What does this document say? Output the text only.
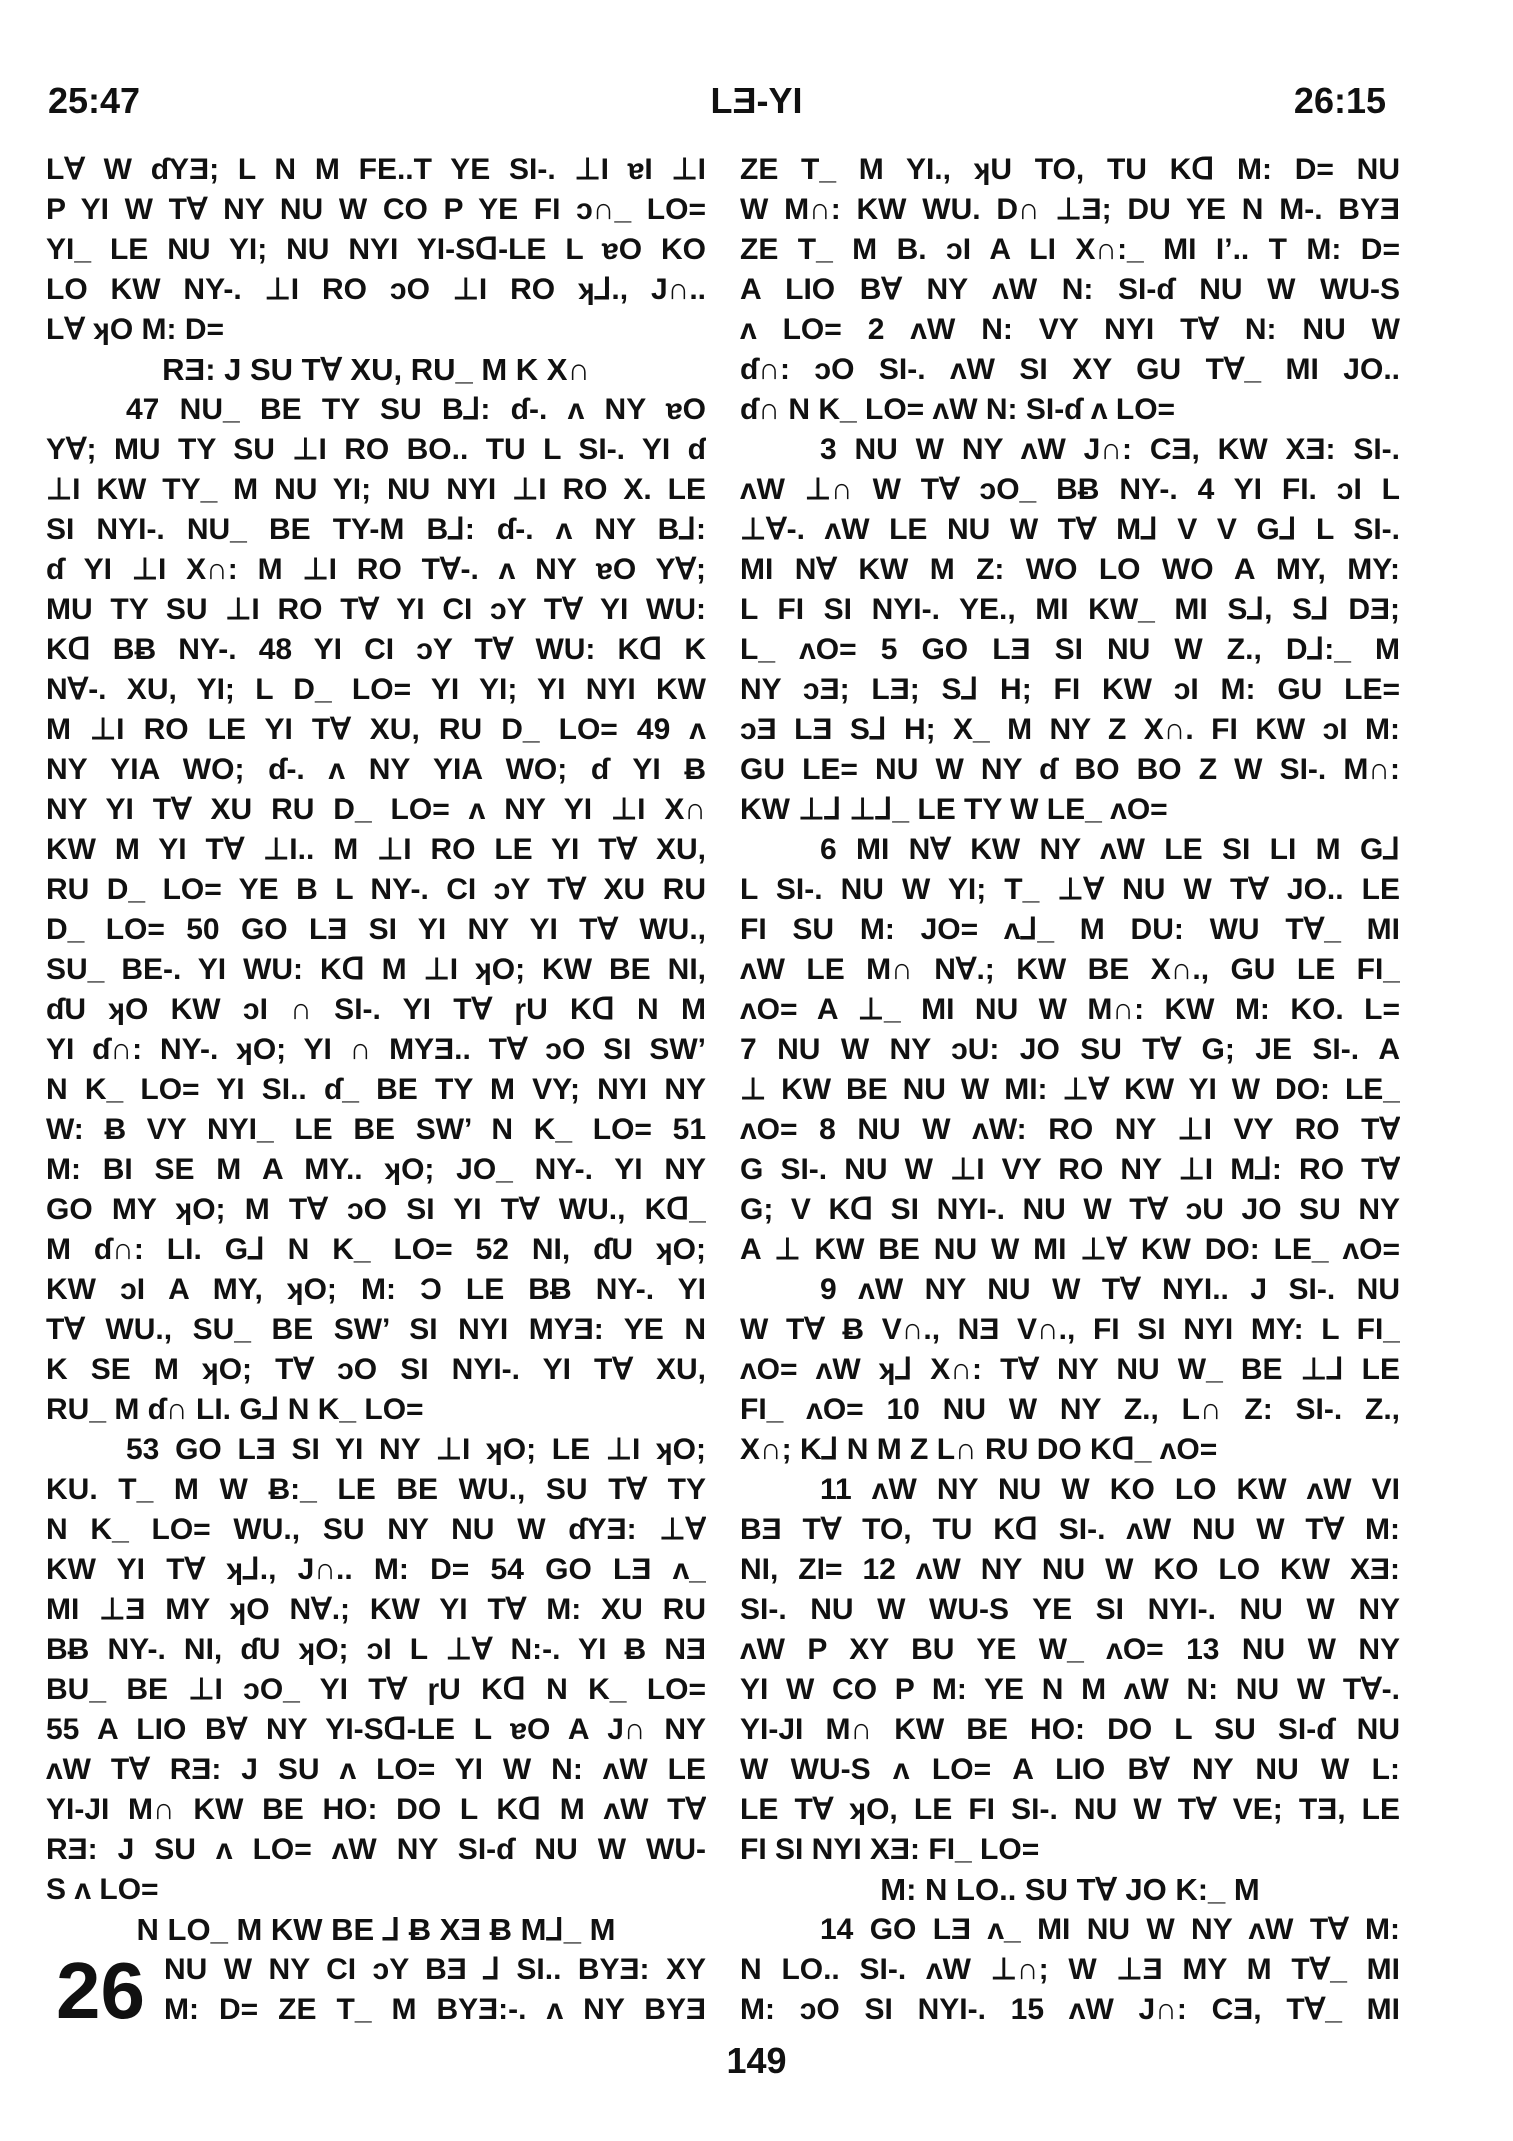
25:47	LƎ-YI	26:15
LⱯ W ɗYƎ; L N M FE..T YE SI-. ⊥I ɐI ⊥I
P YI W TⱯ NY NU W CO P YE FI ɔ∩_ LO=
YI_ LE NU YI; NU NYI YI-Sᗡ-LE L ɐO KO
LO KW NY-. ⊥I RO ɔO ⊥I RO ʞ⅃., J∩..
LⱯ ʞO M: D=
RƎ: J SU TⱯ XU, RU_ M K X∩
47 NU_ BE TY SU B⅃: ɗ-. ʌ NY ɐO
YⱯ; MU TY SU ⊥I RO BO.. TU L SI-. YI ɗ
⊥I KW TY_ M NU YI; NU NYI ⊥I RO X. LE
SI NYI-. NU_ BE TY-M B⅃: ɗ-. ʌ NY B⅃:
ɗ YI ⊥I X∩: M ⊥I RO TⱯ-. ʌ NY ɐO YⱯ;
MU TY SU ⊥I RO TⱯ YI CI ɔY TⱯ YI WU:
Kᗡ BɃ NY-. 48 YI CI ɔY TⱯ WU: Kᗡ K
NⱯ-. XU, YI; L D_ LO= YI YI; YI NYI KW
M ⊥I RO LE YI TⱯ XU, RU D_ LO= 49 ʌ
NY YIA WO; ɗ-. ʌ NY YIA WO; ɗ YI Ƀ
NY YI TⱯ XU RU D_ LO= ʌ NY YI ⊥I X∩
KW M YI TⱯ ⊥I.. M ⊥I RO LE YI TⱯ XU,
RU D_ LO= YE B L NY-. CI ɔY TⱯ XU RU
D_ LO= 50 GO LƎ SI YI NY YI TⱯ WU.,
SU_ BE-. YI WU: Kᗡ M ⊥I ʞO; KW BE NI,
ɗU ʞO KW ɔI ∩ SI-. YI TⱯ ɼU Kᗡ N M
YI ɗ∩: NY-. ʞO; YI ∩ MYƎ.. TⱯ ɔO SI SW’
N K_ LO= YI SI.. ɗ_ BE TY M VY; NYI NY
W: Ƀ VY NYI_ LE BE SW’ N K_ LO= 51
M: BI SE M A MY.. ʞO; JO_ NY-. YI NY
GO MY ʞO; M TⱯ ɔO SI YI TⱯ WU., Kᗡ_
M ɗ∩: LI. G⅃ N K_ LO= 52 NI, ɗU ʞO;
KW ɔI A MY, ʞO; M: Ɔ LE BɃ NY-. YI
TⱯ WU., SU_ BE SW’ SI NYI MYƎ: YE N
K SE M ʞO; TⱯ ɔO SI NYI-. YI TⱯ XU,
RU_ M ɗ∩ LI. G⅃ N K_ LO=
53 GO LƎ SI YI NY ⊥I ʞO; LE ⊥I ʞO;
KU. T_ M W Ƀ:_ LE BE WU., SU TⱯ TY
N K_ LO= WU., SU NY NU W ɗYƎ: ⊥Ɐ
KW YI TⱯ ʞ⅃., J∩.. M: D= 54 GO LƎ ʌ_
MI ⊥Ǝ MY ʞO NⱯ.; KW YI TⱯ M: XU RU
BɃ NY-. NI, ɗU ʞO; ɔI L ⊥Ɐ N:-. YI Ƀ NƎ
BU_ BE ⊥I ɔO_ YI TⱯ ɼU Kᗡ N K_ LO=
55 A LIO BⱯ NY YI-Sᗡ-LE L ɐO A J∩ NY
ʌW TⱯ RƎ: J SU ʌ LO= YI W N: ʌW LE
YI-JI M∩ KW BE HO: DO L Kᗡ M ʌW TⱯ
RƎ: J SU ʌ LO= ʌW NY SI-ɗ NU W WU-
S ʌ LO=
N LO_ M KW BE ⅃ Ƀ XƎ Ƀ M⅃_ M
26 NU W NY CI ɔY BƎ ⅃ SI.. BYƎ: XY
M: D= ZE T_ M BYƎ:-. ʌ NY BYƎ
ZE T_ M YI., ʞU TO, TU Kᗡ M: D= NU
W M∩: KW WU. D∩ ⊥Ǝ; DU YE N M-. BYƎ
ZE T_ M B. ɔI A LI X∩:_ MI I’.. T M: D=
A LIO BⱯ NY ʌW N: SI-ɗ NU W WU-S
ʌ LO= 2 ʌW N: VY NYI TⱯ N: NU W
ɗ∩: ɔO SI-. ʌW SI XY GU TⱯ_ MI JO..
ɗ∩ N K_ LO= ʌW N: SI-ɗ ʌ LO=
3 NU W NY ʌW J∩: CƎ, KW XƎ: SI-.
ʌW ⊥∩ W TⱯ ɔO_ BɃ NY-. 4 YI FI. ɔI L
⊥Ɐ-. ʌW LE NU W TⱯ M⅃ V V G⅃ L SI-.
MI NⱯ KW M Z: WO LO WO A MY, MY:
L FI SI NYI-. YE., MI KW_ MI S⅃, S⅃ DƎ;
L_ ʌO= 5 GO LƎ SI NU W Z., D⅃:_ M
NY ɔƎ; LƎ; S⅃ H; FI KW ɔI M: GU LE=
ɔƎ LƎ S⅃ H; X_ M NY Z X∩. FI KW ɔI M:
GU LE= NU W NY ɗ BO BO Z W SI-. M∩:
KW ⊥⅃ ⊥⅃_ LE TY W LE_ ʌO=
6 MI NⱯ KW NY ʌW LE SI LI M G⅃
L SI-. NU W YI; T_ ⊥Ɐ NU W TⱯ JO.. LE
FI SU M: JO= ʌ⅃_ M DU: WU TⱯ_ MI
ʌW LE M∩ NⱯ.; KW BE X∩., GU LE FI_
ʌO= A ⊥_ MI NU W M∩: KW M: KO. L=
7 NU W NY ɔU: JO SU TⱯ G; JE SI-. A
⊥ KW BE NU W MI: ⊥Ɐ KW YI W DO: LE_
ʌO= 8 NU W ʌW: RO NY ⊥I VY RO TⱯ
G SI-. NU W ⊥I VY RO NY ⊥I M⅃: RO TⱯ
G; V Kᗡ SI NYI-. NU W TⱯ ɔU JO SU NY
A ⊥ KW BE NU W MI ⊥Ɐ KW DO: LE_ ʌO=
9 ʌW NY NU W TⱯ NYI.. J SI-. NU
W TⱯ Ƀ V∩., NƎ V∩., FI SI NYI MY: L FI_
ʌO= ʌW ʞ⅃ X∩: TⱯ NY NU W_ BE ⊥⅃ LE
FI_ ʌO= 10 NU W NY Z., L∩ Z: SI-. Z.,
X∩; K⅃ N M Z L∩ RU DO Kᗡ_ ʌO=
11 ʌW NY NU W KO LO KW ʌW VI
BƎ TⱯ TO, TU Kᗡ SI-. ʌW NU W TⱯ M:
NI, ZI= 12 ʌW NY NU W KO LO KW XƎ:
SI-. NU W WU-S YE SI NYI-. NU W NY
ʌW P XY BU YE W_ ʌO= 13 NU W NY
YI W CO P M: YE N M ʌW N: NU W TⱯ-.
YI-JI M∩ KW BE HO: DO L SU SI-ɗ NU
W WU-S ʌ LO= A LIO BⱯ NY NU W L:
LE TⱯ ʞO, LE FI SI-. NU W TⱯ VE; TƎ, LE
FI SI NYI XƎ: FI_ LO=
M: N LO.. SU TⱯ JO K:_ M
14 GO LƎ ʌ_ MI NU W NY ʌW TⱯ M:
N LO.. SI-. ʌW ⊥∩; W ⊥Ǝ MY M TⱯ_ MI
M: ɔO SI NYI-. 15 ʌW J∩: CƎ, TⱯ_ MI
149
